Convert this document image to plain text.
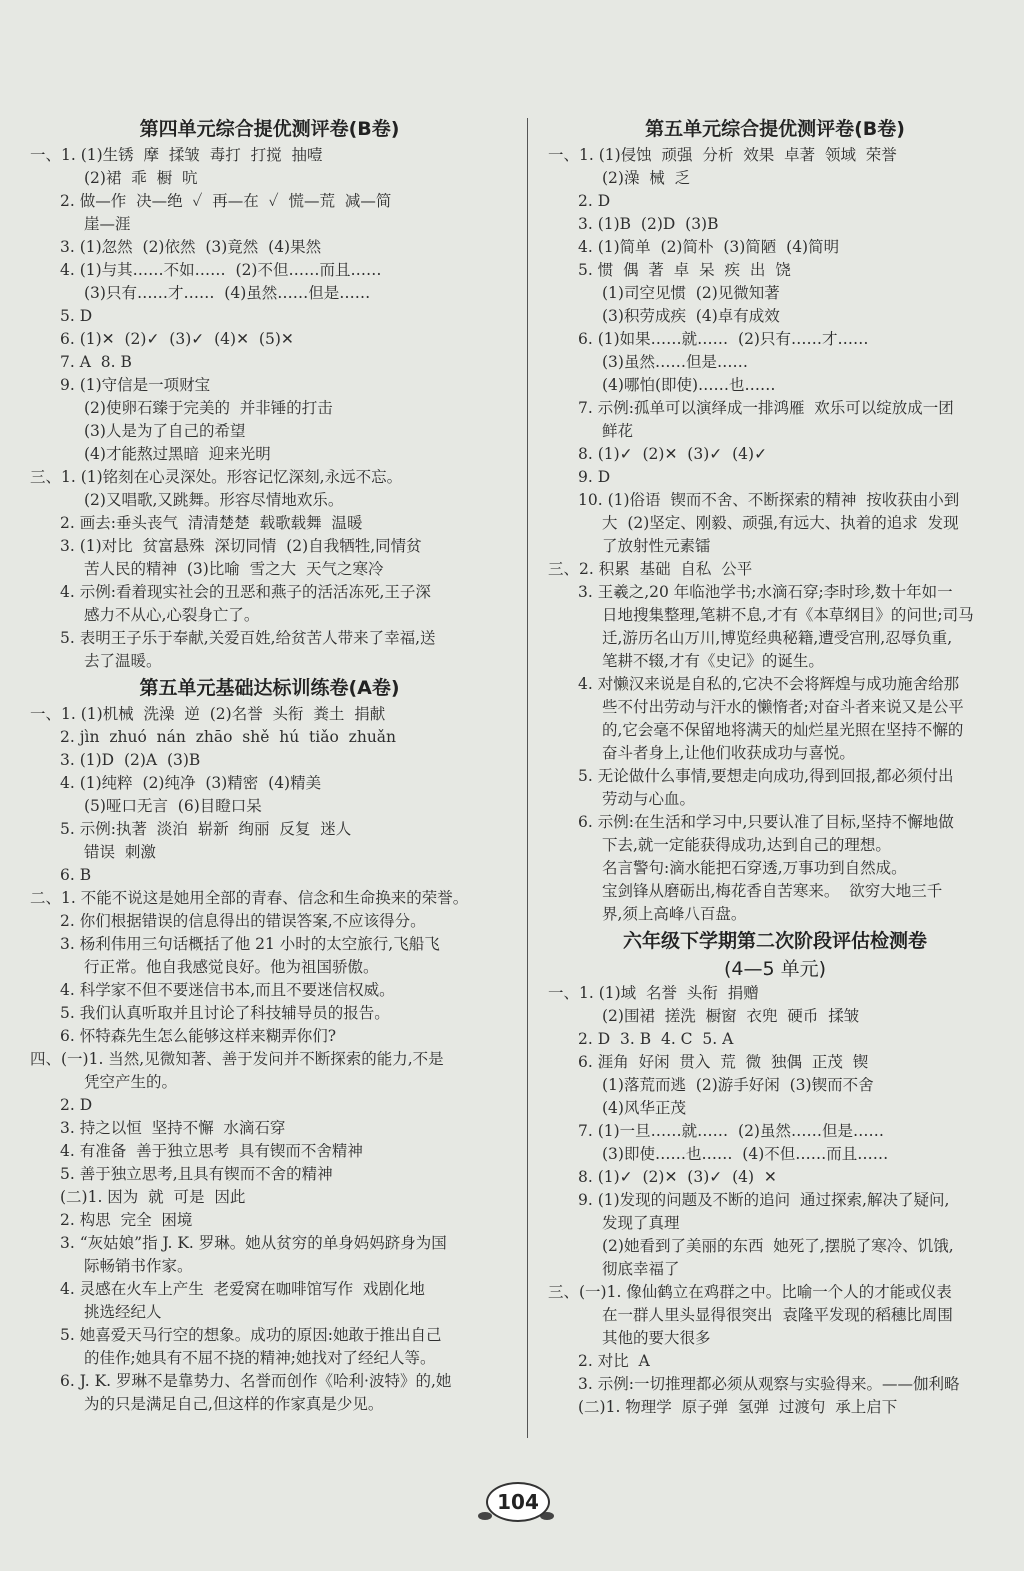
第四单元综合提优测评卷(B卷)
一、1. (1)生锈  摩  揉皱  毒打  打搅  抽噎
(2)裙  乖  橱  吭
2. 做—作  决—绝  ✓  再—在  ✓  慌—荒  减—简
崖—涯
3. (1)忽然  (2)依然  (3)竟然  (4)果然
4. (1)与其……不如……  (2)不但……而且……
(3)只有……才……  (4)虽然……但是……
5. D
6. (1)✕  (2)✓  (3)✓  (4)✕  (5)✕
7. A  8. B
9. (1)守信是一项财宝
(2)使卵石臻于完美的  并非锤的打击
(3)人是为了自己的希望
(4)才能熬过黑暗  迎来光明
三、1. (1)铭刻在心灵深处。形容记忆深刻,永远不忘。
(2)又唱歌,又跳舞。形容尽情地欢乐。
2. 画去:垂头丧气  清清楚楚  载歌载舞  温暖
3. (1)对比  贫富悬殊  深切同情  (2)自我牺牲,同情贫
苦人民的精神  (3)比喻  雪之大  天气之寒冷
4. 示例:看着现实社会的丑恶和燕子的活活冻死,王子深
感力不从心,心裂身亡了。
5. 表明王子乐于奉献,关爱百姓,给贫苦人带来了幸福,送
去了温暖。
第五单元基础达标训练卷(A卷)
一、1. (1)机械  洗澡  逆  (2)名誉  头衔  粪土  捐献
2. jìn  zhuó  nán  zhāo  shě  hú  tiǎo  zhuǎn
3. (1)D  (2)A  (3)B
4. (1)纯粹  (2)纯净  (3)精密  (4)精美
(5)哑口无言  (6)目瞪口呆
5. 示例:执著  淡泊  崭新  绚丽  反复  迷人
错误  刺激
6. B
二、1. 不能不说这是她用全部的青春、信念和生命换来的荣誉。
2. 你们根据错误的信息得出的错误答案,不应该得分。
3. 杨利伟用三句话概括了他 21 小时的太空旅行,飞船飞
行正常。他自我感觉良好。他为祖国骄傲。
4. 科学家不但不要迷信书本,而且不要迷信权威。
5. 我们认真听取并且讨论了科技辅导员的报告。
6. 怀特森先生怎么能够这样来糊弄你们?
四、(一)1. 当然,见微知著、善于发问并不断探索的能力,不是
凭空产生的。
2. D
3. 持之以恒  坚持不懈  水滴石穿
4. 有准备  善于独立思考  具有锲而不舍精神
5. 善于独立思考,且具有锲而不舍的精神
(二)1. 因为  就  可是  因此
2. 构思  完全  困境
3. “灰姑娘”指 J. K. 罗琳。她从贫穷的单身妈妈跻身为国
际畅销书作家。
4. 灵感在火车上产生  老爱窝在咖啡馆写作  戏剧化地
挑选经纪人
5. 她喜爱天马行空的想象。成功的原因:她敢于推出自己
的佳作;她具有不屈不挠的精神;她找对了经纪人等。
6. J. K. 罗琳不是靠势力、名誉而创作《哈利·波特》的,她
为的只是满足自己,但这样的作家真是少见。
第五单元综合提优测评卷(B卷)
一、1. (1)侵蚀  顽强  分析  效果  卓著  领域  荣誉
(2)澡  械  乏
2. D
3. (1)B  (2)D  (3)B
4. (1)简单  (2)简朴  (3)简陋  (4)简明
5. 惯  偶  著  卓  呆  疾  出  饶
(1)司空见惯  (2)见微知著
(3)积劳成疾  (4)卓有成效
6. (1)如果……就……  (2)只有……才……
(3)虽然……但是……
(4)哪怕(即使)……也……
7. 示例:孤单可以演绎成一排鸿雁  欢乐可以绽放成一团
鲜花
8. (1)✓  (2)✕  (3)✓  (4)✓
9. D
10. (1)俗语  锲而不舍、不断探索的精神  按收获由小到
大  (2)坚定、刚毅、顽强,有远大、执着的追求  发现
了放射性元素镭
三、2. 积累  基础  自私  公平
3. 王羲之,20 年临池学书;水滴石穿;李时珍,数十年如一
日地搜集整理,笔耕不息,才有《本草纲目》的问世;司马
迁,游历名山万川,博览经典秘籍,遭受宫刑,忍辱负重,
笔耕不辍,才有《史记》的诞生。
4. 对懒汉来说是自私的,它决不会将辉煌与成功施舍给那
些不付出劳动与汗水的懒惰者;对奋斗者来说又是公平
的,它会毫不保留地将满天的灿烂星光照在坚持不懈的
奋斗者身上,让他们收获成功与喜悦。
5. 无论做什么事情,要想走向成功,得到回报,都必须付出
劳动与心血。
6. 示例:在生活和学习中,只要认准了目标,坚持不懈地做
下去,就一定能获得成功,达到自己的理想。
名言警句:滴水能把石穿透,万事功到自然成。
宝剑锋从磨砺出,梅花香自苦寒来。  欲穷大地三千
界,须上高峰八百盘。
六年级下学期第二次阶段评估检测卷
(4—5 单元)
一、1. (1)域  名誉  头衔  捐赠
(2)围裙  搓洗  橱窗  衣兜  硬币  揉皱
2. D  3. B  4. C  5. A
6. 涯角  好闲  贯入  荒  微  独偶  正茂  锲
(1)落荒而逃  (2)游手好闲  (3)锲而不舍
(4)风华正茂
7. (1)一旦……就……  (2)虽然……但是……
(3)即使……也……  (4)不但……而且……
8. (1)✓  (2)✕  (3)✓  (4)  ✕
9. (1)发现的问题及不断的追问  通过探索,解决了疑问,
发现了真理
(2)她看到了美丽的东西  她死了,摆脱了寒冷、饥饿,
彻底幸福了
三、(一)1. 像仙鹤立在鸡群之中。比喻一个人的才能或仪表
在一群人里头显得很突出  袁隆平发现的稻穗比周围
其他的要大很多
2. 对比  A
3. 示例:一切推理都必须从观察与实验得来。——伽利略
(二)1. 物理学  原子弹  氢弹  过渡句  承上启下
104
